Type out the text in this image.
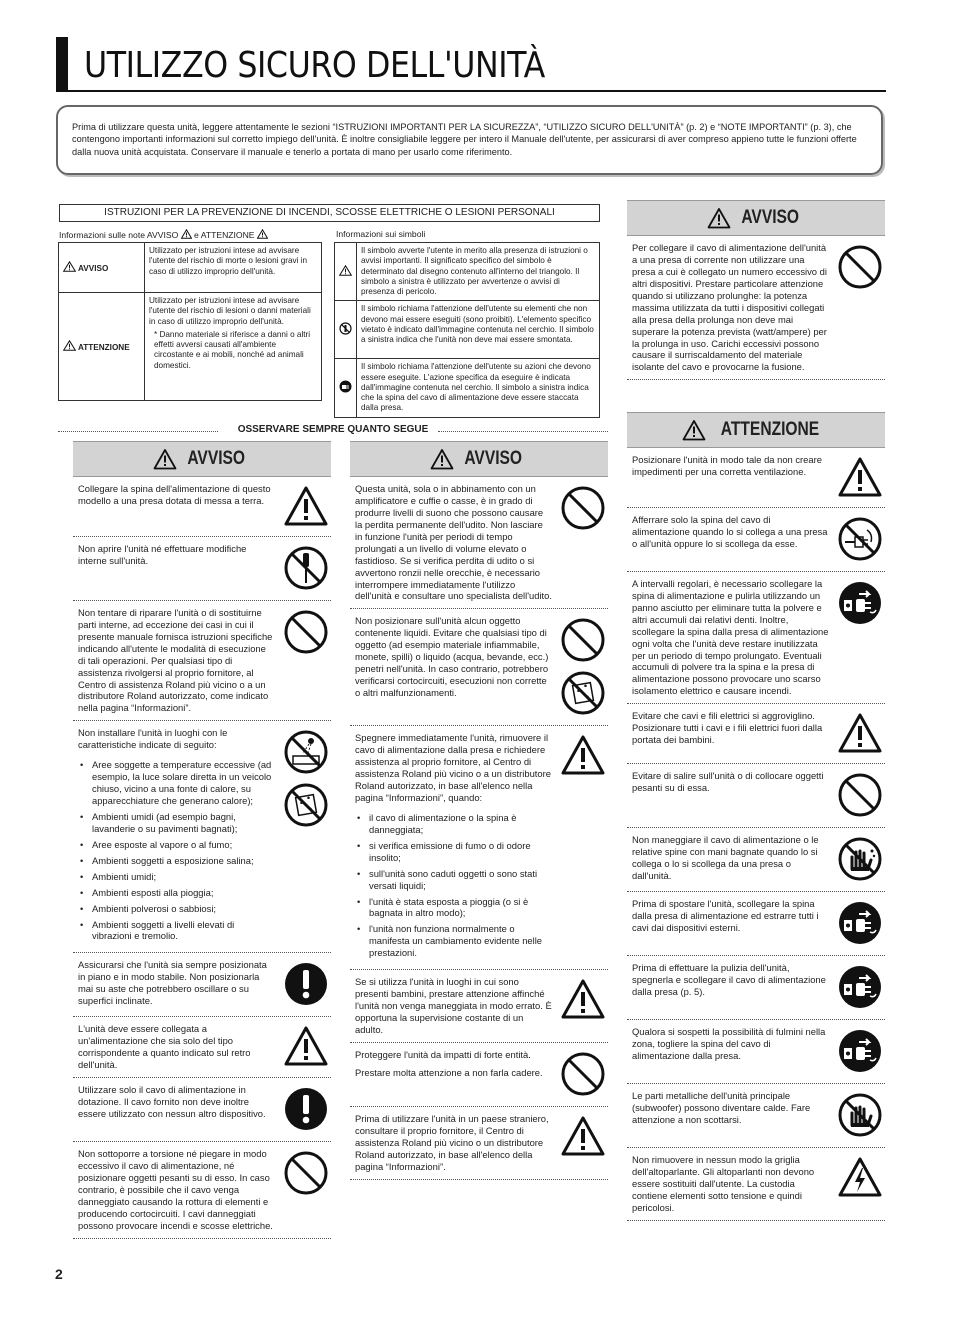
UTILIZZO SICURO DELL'UNITÀ

Prima di utilizzare questa unità, leggere attentamente le sezioni “ISTRUZIONI IMPORTANTI PER LA SICUREZZA”, “UTILIZZO SICURO DELL'UNITÀ” (p. 2) e “NOTE IMPORTANTI” (p. 3), che contengono importanti informazioni sul corretto impiego dell'unità. È inoltre consigliabile leggere per intero il Manuale dell'utente, per assicurarsi di aver compreso appieno tutte le funzioni offerte dalla nuova unità acquistata. Conservare il manuale e tenerlo a portata di mano per usarlo come riferimento.

ISTRUZIONI PER LA PREVENZIONE DI INCENDI, SCOSSE ELETTRICHE O LESIONI PERSONALI
Informazioni sulle note AVVISO e ATTENZIONE	Informazioni sui simboli
AVVISO	Utilizzato per istruzioni intese ad avvisare l'utente del rischio di morte o lesioni gravi in caso di utilizzo improprio dell'unità.
ATTENZIONE	Utilizzato per istruzioni intese ad avvisare l'utente del rischio di lesioni o danni materiali in caso di utilizzo improprio dell'unità.
* Danno materiale si riferisce a danni o altri effetti avversi causati all'ambiente circostante e ai mobili, nonché ad animali domestici.
	Il simbolo avverte l'utente in merito alla presenza di istruzioni o avvisi importanti. Il significato specifico del simbolo è determinato dal disegno contenuto all'interno del triangolo. Il simbolo a sinistra è utilizzato per avvertenze o avvisi di presenza di pericolo.
	Il simbolo richiama l'attenzione dell'utente su elementi che non devono mai essere eseguiti (sono proibiti). L'elemento specifico vietato è indicato dall'immagine contenuta nel cerchio. Il simbolo a sinistra indica che l'unità non deve mai essere smontata.
	Il simbolo richiama l'attenzione dell'utente su azioni che devono essere eseguite. L'azione specifica da eseguire è indicata dall'immagine contenuta nel cerchio. Il simbolo a sinistra indica che la spina del cavo di alimentazione deve essere staccata dalla presa.
OSSERVARE SEMPRE QUANTO SEGUE
AVVISO

Collegare la spina dell'alimentazione di questo modello a una presa dotata di messa a terra.

Non aprire l'unità né effettuare modifiche interne sull'unità.

Non tentare di riparare l'unità o di sostituirne parti interne, ad eccezione dei casi in cui il presente manuale fornisca istruzioni specifiche indicando all'utente le modalità di esecuzione di tali operazioni. Per qualsiasi tipo di assistenza rivolgersi al proprio fornitore, al Centro di assistenza Roland più vicino o a un distributore Roland autorizzato, come indicato nella pagina “Informazioni”.

Non installare l'unità in luoghi con le caratteristiche indicate di seguito:

• Aree soggette a temperature eccessive (ad esempio, la luce solare diretta in un veicolo chiuso, vicino a una fonte di calore, su apparecchiature che generano calore);
• Ambienti umidi (ad esempio bagni, lavanderie o su pavimenti bagnati);
• Aree esposte al vapore o al fumo;
• Ambienti soggetti a esposizione salina;
• Ambienti umidi;
• Ambienti esposti alla pioggia;
• Ambienti polverosi o sabbiosi;
• Ambienti soggetti a livelli elevati di vibrazioni e tremolio.

Assicurarsi che l'unità sia sempre posizionata in piano e in modo stabile. Non posizionarla mai su aste che potrebbero oscillare o su superfici inclinate.

L'unità deve essere collegata a un'alimentazione che sia solo del tipo corrispondente a quanto indicato sul retro dell'unità.

Utilizzare solo il cavo di alimentazione in dotazione. Il cavo fornito non deve inoltre essere utilizzato con nessun altro dispositivo.

Non sottoporre a torsione né piegare in modo eccessivo il cavo di alimentazione, né posizionare oggetti pesanti su di esso. In caso contrario, è possibile che il cavo venga danneggiato causando la rottura di elementi e producendo cortocircuiti. I cavi danneggiati possono provocare incendi e scosse elettriche.

AVVISO

Questa unità, sola o in abbinamento con un amplificatore e cuffie o casse, è in grado di produrre livelli di suono che possono causare la perdita permanente dell'udito. Non lasciare in funzione l'unità per periodi di tempo prolungati a un livello di volume elevato o fastidioso. Se si verifica perdita di udito o si avvertono ronzii nelle orecchie, è necessario interrompere immediatamente l'utilizzo dell'unità e consultare uno specialista dell'udito.

Non posizionare sull'unità alcun oggetto contenente liquidi. Evitare che qualsiasi tipo di oggetto (ad esempio materiale infiammabile, monete, spilli) o liquido (acqua, bevande, ecc.) penetri nell'unità. In caso contrario, potrebbero verificarsi cortocircuiti, esecuzioni non corrette o altri malfunzionamenti.

Spegnere immediatamente l'unità, rimuovere il cavo di alimentazione dalla presa e richiedere assistenza al proprio fornitore, al Centro di assistenza Roland più vicino o a un distributore Roland autorizzato, in base all'elenco nella pagina “Informazioni”, quando:

• il cavo di alimentazione o la spina è danneggiata;
• si verifica emissione di fumo o di odore insolito;
• sull'unità sono caduti oggetti o sono stati versati liquidi;
• l'unità è stata esposta a pioggia (o si è bagnata in altro modo);
• l'unità non funziona normalmente o manifesta un cambiamento evidente nelle prestazioni.

Se si utilizza l'unità in luoghi in cui sono presenti bambini, prestare attenzione affinché l'unità non venga maneggiata in modo errato. È opportuna la supervisione costante di un adulto.

Proteggere l'unità da impatti di forte entità.

Prestare molta attenzione a non farla cadere.

Prima di utilizzare l'unità in un paese straniero, consultare il proprio fornitore, il Centro di assistenza Roland più vicino o un distributore Roland autorizzato, in base all'elenco della pagina “Informazioni”.

AVVISO

Per collegare il cavo di alimentazione dell'unità a una presa di corrente non utilizzare una presa a cui è collegato un numero eccessivo di altri dispositivi. Prestare particolare attenzione quando si utilizzano prolunghe: la potenza massima utilizzata da tutti i dispositivi collegati alla presa della prolunga non deve mai superare la potenza prevista (watt/ampere) per la prolunga in uso. Carichi eccessivi possono causare il surriscaldamento del materiale isolante del cavo e provocarne la fusione.

ATTENZIONE

Posizionare l'unità in modo tale da non creare impedimenti per una corretta ventilazione.

Afferrare solo la spina del cavo di alimentazione quando lo si collega a una presa o all'unità oppure lo si scollega da esse.

A intervalli regolari, è necessario scollegare la spina di alimentazione e pulirla utilizzando un panno asciutto per eliminare tutta la polvere e altri accumuli dai relativi denti. Inoltre, scollegare la spina dalla presa di alimentazione ogni volta che l'unità deve restare inutilizzata per un periodo di tempo prolungato. Eventuali accumuli di polvere tra la spina e la presa di alimentazione possono provocare uno scarso isolamento elettrico e causare incendi.

Evitare che cavi e fili elettrici si aggroviglino. Posizionare tutti i cavi e i fili elettrici fuori dalla portata dei bambini.

Evitare di salire sull'unità o di collocare oggetti pesanti su di essa.

Non maneggiare il cavo di alimentazione o le relative spine con mani bagnate quando lo si collega o lo si scollega da una presa o dall'unità.

Prima di spostare l'unità, scollegare la spina dalla presa di alimentazione ed estrarre tutti i cavi dai dispositivi esterni.

Prima di effettuare la pulizia dell'unità, spegnerla e scollegare il cavo di alimentazione dalla presa (p. 5).

Qualora si sospetti la possibilità di fulmini nella zona, togliere la spina del cavo di alimentazione dalla presa.

Le parti metalliche dell'unità principale (subwoofer) possono diventare calde. Fare attenzione a non scottarsi.

Non rimuovere in nessun modo la griglia dell'altoparlante. Gli altoparlanti non devono essere sostituiti dall'utente. La custodia contiene elementi sotto tensione e quindi pericolosi.

2
